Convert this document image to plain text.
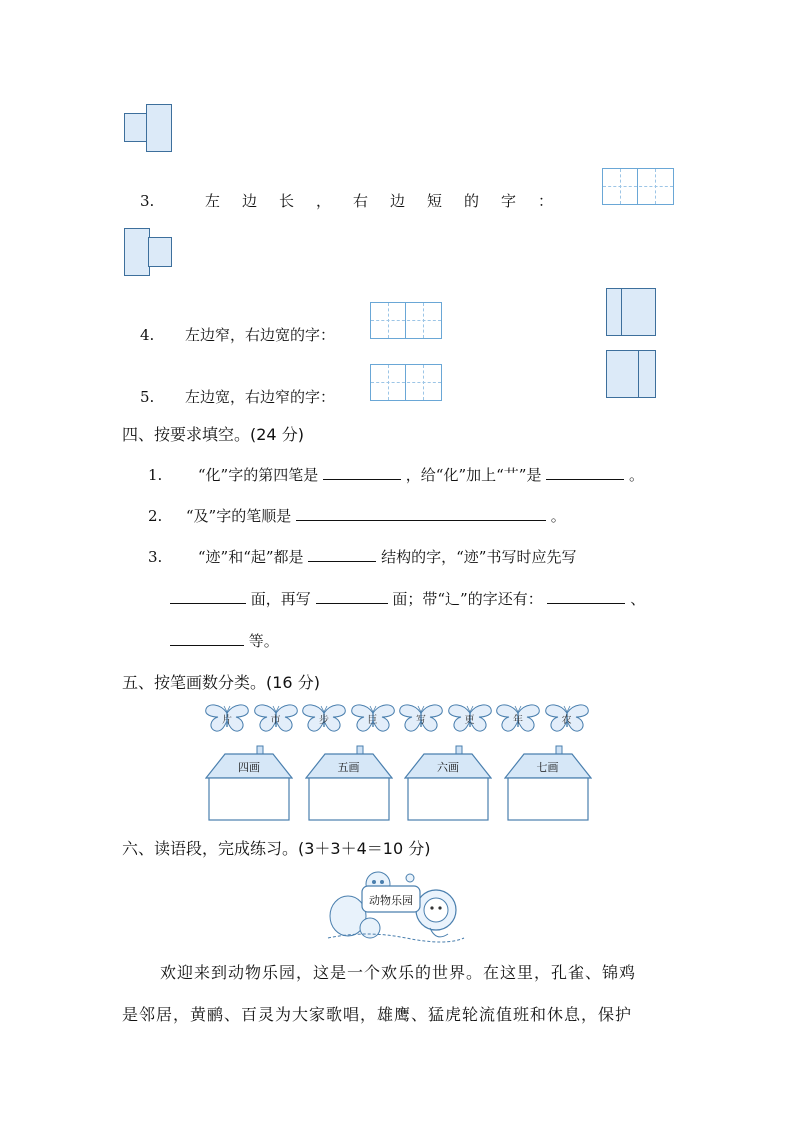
3.	左边长，右边短的字：
4. 左边窄，右边宽的字：
5. 左边宽，右边窄的字：
四、按要求填空。(24 分)
1. “化”字的第四笔是	，给“化”加上“艹”是	。
2. “及”字的笔顺是	。
3. “迹”和“起”都是	结构的字，“迹”书写时应先写
面，再写	面；带“辶”的字还有：	、
等。
五、按笔画数分类。(16 分)
片	市	步	巨	写	更	年	农
四画	五画	六画	七画
六、读语段，完成练习。(3＋3＋4＝10 分)
动物乐园
欢迎来到动物乐园，这是一个欢乐的世界。在这里，孔雀、锦鸡
是邻居，黄鹂、百灵为大家歌唱，雄鹰、猛虎轮流值班和休息，保护
